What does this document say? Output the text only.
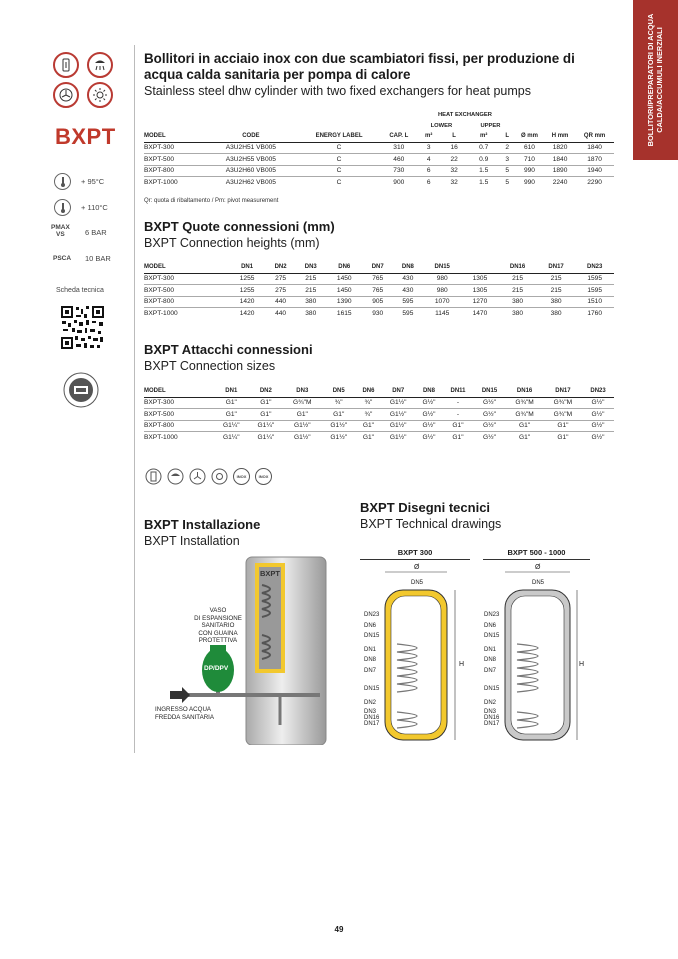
BOLLITORI/PREPARATORI DI ACQUA CALDA/ACCUMULI INERZIALI
BXPT
+ 95°C
+ 110°C
PMAX
VS	6 BAR
PSCA 10 BAR
Scheda tecnica
Bollitori in acciaio inox con due scambiatori fissi, per produzione di acqua calda sanitaria per pompa di calore
Stainless steel dhw cylinder with two fixed exchangers for heat pumps
				HEAT EXCHANGER						
				LOWER		UPPER				
MODEL	CODE	ENERGY LABEL	CAP. L	m²	L	m²	L	Ø mm	H mm	QR mm
BXPT-300	A3U2H51 VB005	C	310	3	16	0.7	2	610	1820	1840
BXPT-500	A3U2H55 VB005	C	460	4	22	0.9	3	710	1840	1870
BXPT-800	A3U2H60 VB005	C	730	6	32	1.5	5	990	1890	1940
BXPT-1000	A3U2H62 VB005	C	900	6	32	1.5	5	990	2240	2290
Qr: quota di ribaltamento / Pm: pivot measurement
BXPT Quote connessioni (mm)
BXPT Connection heights (mm)
MODEL	DN1	DN2	DN3	DN6	DN7	DN8	DN15		DN16	DN17	DN23
BXPT-300	1255	275	215	1450	765	430	980	1305	215	215	1595
BXPT-500	1255	275	215	1450	765	430	980	1305	215	215	1595
BXPT-800	1420	440	380	1390	905	595	1070	1270	380	380	1510
BXPT-1000	1420	440	380	1615	930	595	1145	1470	380	380	1760
BXPT Attacchi connessioni
BXPT Connection sizes
MODEL	DN1	DN2	DN3	DN5	DN6	DN7	DN8	DN11	DN15	DN16	DN17	DN23
BXPT-300	G1"	G1"	G¾"M	¾"	¾"	G1½"	G½"	-	G½"	G¾"M	G¾"M	G½"
BXPT-500	G1"	G1"	G1"	G1"	¾"	G1½"	G½"	-	G½"	G¾"M	G¾"M	G½"
BXPT-800	G1¼"	G1¼"	G1½"	G1½"	G1"	G1½"	G½"	G1"	G½"	G1"	G1"	G½"
BXPT-1000	G1¼"	G1¼"	G1½"	G1½"	G1"	G1½"	G½"	G1"	G½"	G1"	G1"	G½"
INOX	INOX
BXPT Installazione
BXPT Installation
BXPT
VASO
DI ESPANSIONE
SANITARIO
CON GUAINA
PROTETTIVA
DP/DPV
INGRESSO ACQUA
FREDDA SANITARIA
BXPT Disegni tecnici
BXPT Technical drawings
BXPT 300	BXPT 500 - 1000
Ø
DN5
H
Ø
DN5
H
DN23
DN6
DN15
DN1
DN8
DN7
DN15
DN2
DN3
DN16
DN17
DN23
DN6
DN15
DN1
DN8
DN7
DN15
DN2
DN3
DN16
DN17
49
